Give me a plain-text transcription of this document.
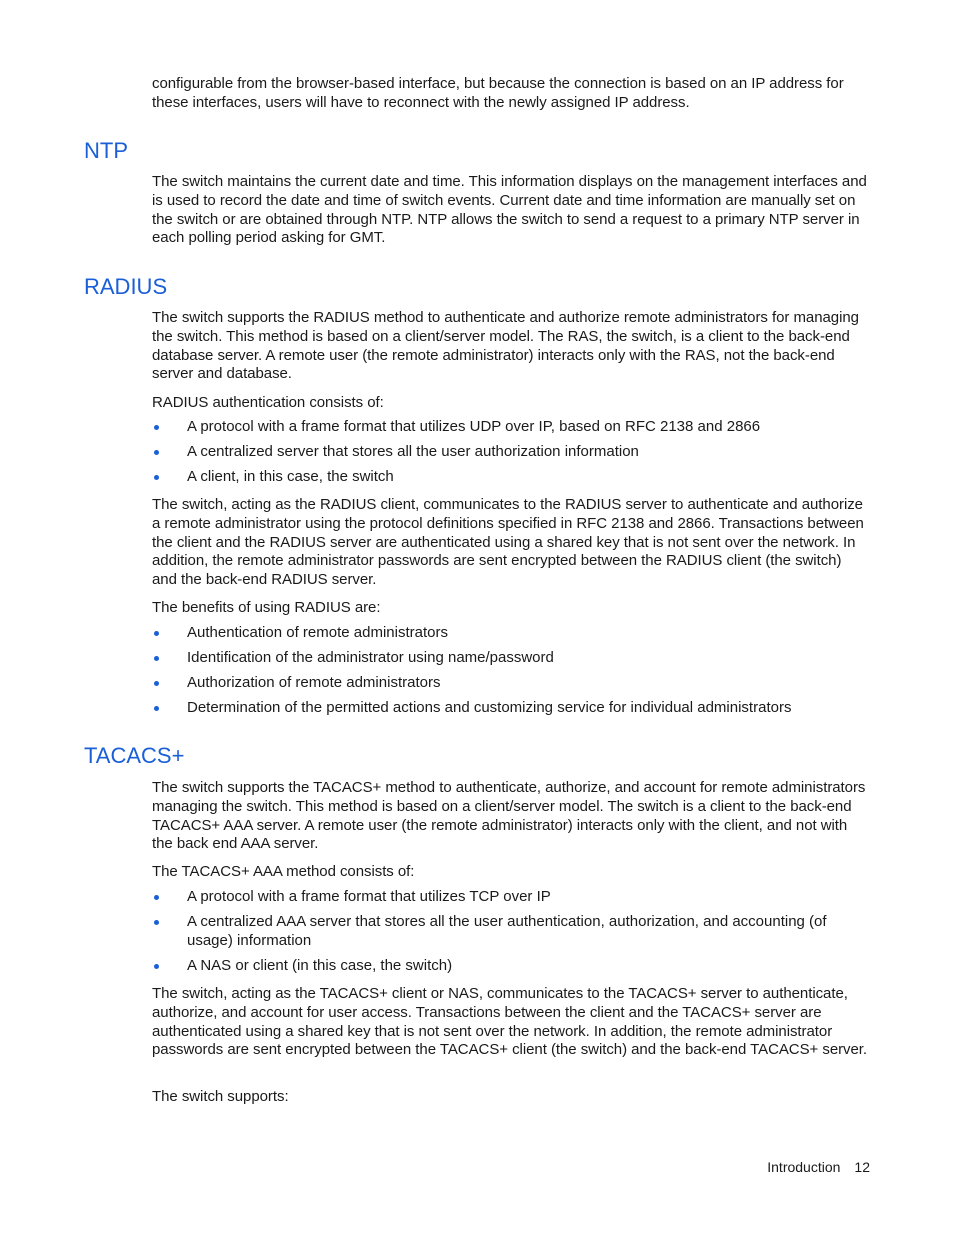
configurable from the browser-based interface, but because the connection is based on an IP address for these interfaces, users will have to reconnect with the newly assigned IP address.

NTP

The switch maintains the current date and time. This information displays on the management interfaces and is used to record the date and time of switch events. Current date and time information are manually set on the switch or are obtained through NTP. NTP allows the switch to send a request to a primary NTP server in each polling period asking for GMT.

RADIUS

The switch supports the RADIUS method to authenticate and authorize remote administrators for managing the switch. This method is based on a client/server model. The RAS, the switch, is a client to the back-end database server. A remote user (the remote administrator) interacts only with the RAS, not the back-end server and database.

RADIUS authentication consists of:

A protocol with a frame format that utilizes UDP over IP, based on RFC 2138 and 2866
A centralized server that stores all the user authorization information
A client, in this case, the switch

The switch, acting as the RADIUS client, communicates to the RADIUS server to authenticate and authorize a remote administrator using the protocol definitions specified in RFC 2138 and 2866. Transactions between the client and the RADIUS server are authenticated using a shared key that is not sent over the network. In addition, the remote administrator passwords are sent encrypted between the RADIUS client (the switch) and the back-end RADIUS server.

The benefits of using RADIUS are:

Authentication of remote administrators
Identification of the administrator using name/password
Authorization of remote administrators
Determination of the permitted actions and customizing service for individual administrators
TACACS+

The switch supports the TACACS+ method to authenticate, authorize, and account for remote administrators managing the switch. This method is based on a client/server model. The switch is a client to the back-end TACACS+ AAA server. A remote user (the remote administrator) interacts only with the client, and not with the back end AAA server.

The TACACS+ AAA method consists of:

A protocol with a frame format that utilizes TCP over IP
A centralized AAA server that stores all the user authentication, authorization, and accounting (of usage) information
A NAS or client (in this case, the switch)

The switch, acting as the TACACS+ client or NAS, communicates to the TACACS+ server to authenticate, authorize, and account for user access. Transactions between the client and the TACACS+ server are authenticated using a shared key that is not sent over the network. In addition, the remote administrator passwords are sent encrypted between the TACACS+ client (the switch) and the back-end TACACS+ server.

The switch supports:

Introduction 12
